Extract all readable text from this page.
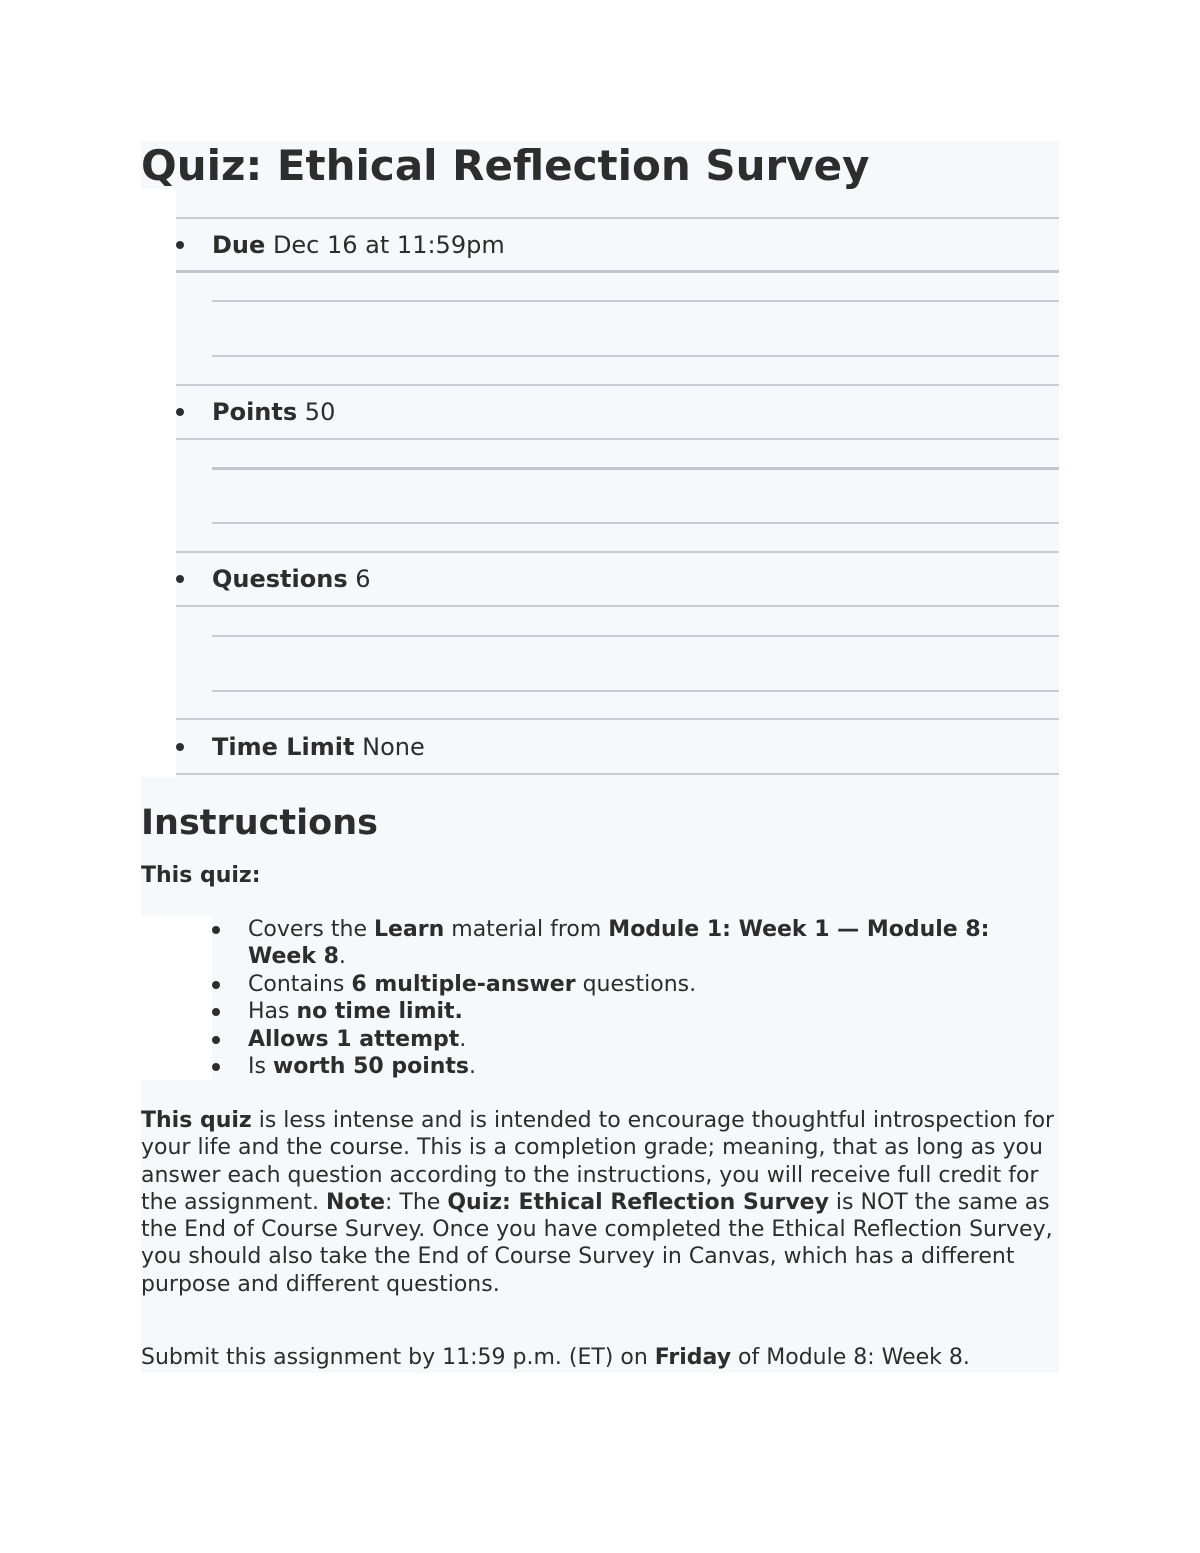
Quiz: Ethical Reflection Survey
Due Dec 16 at 11:59pm
Points 50
Questions 6
Time Limit None
Instructions
This quiz:
Covers the Learn material from Module 1: Week 1 — Module 8: Week 8.
Contains 6 multiple-answer questions.
Has no time limit.
Allows 1 attempt.
Is worth 50 points.

This quiz is less intense and is intended to encourage thoughtful introspection for your life and the course. This is a completion grade; meaning, that as long as you answer each question according to the instructions, you will receive full credit for the assignment. Note: The Quiz: Ethical Reflection Survey is NOT the same as the End of Course Survey. Once you have completed the Ethical Reflection Survey, you should also take the End of Course Survey in Canvas, which has a different purpose and different questions.

Submit this assignment by 11:59 p.m. (ET) on Friday of Module 8: Week 8.
